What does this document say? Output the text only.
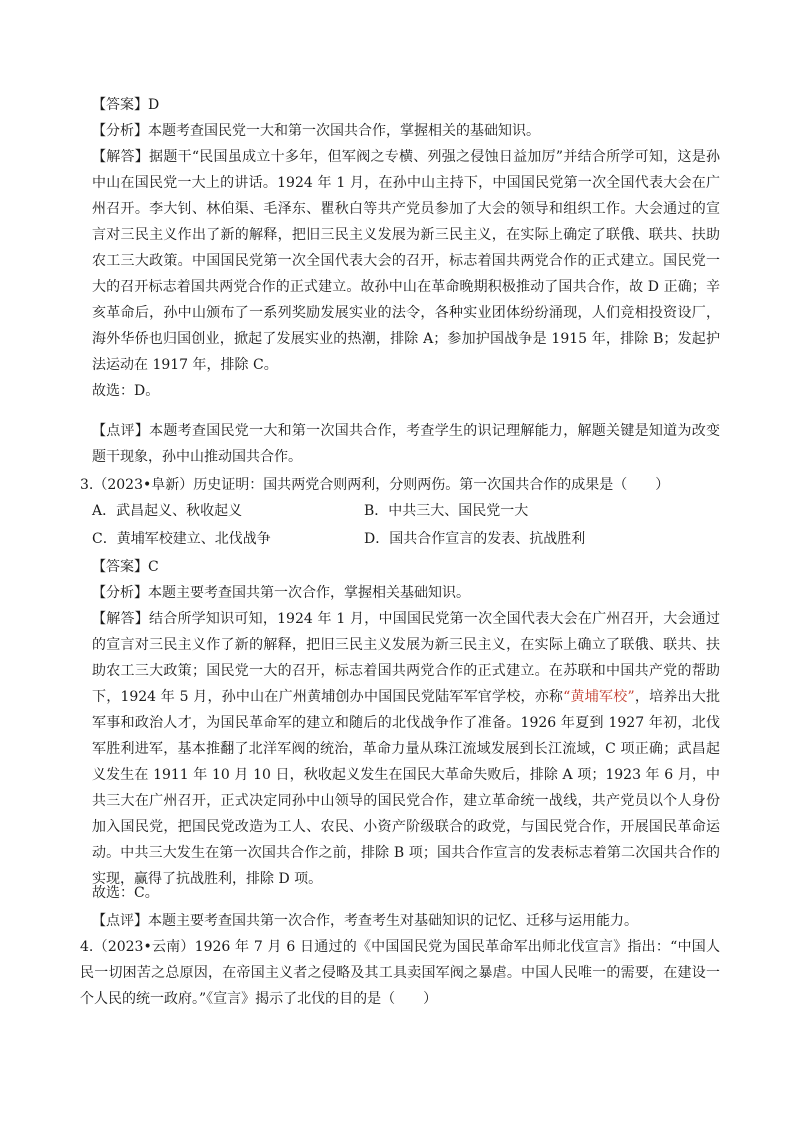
【答案】D
【分析】本题考查国民党一大和第一次国共合作，掌握相关的基础知识。
【解答】据题干“民国虽成立十多年，但军阀之专横、列强之侵蚀日益加厉”并结合所学可知，这是孙中山在国民党一大上的讲话。1924 年 1 月，在孙中山主持下，中国国民党第一次全国代表大会在广州召开。李大钊、林伯渠、毛泽东、瞿秋白等共产党员参加了大会的领导和组织工作。大会通过的宣言对三民主义作出了新的解释，把旧三民主义发展为新三民主义，在实际上确定了联俄、联共、扶助农工三大政策。中国国民党第一次全国代表大会的召开，标志着国共两党合作的正式建立。国民党一大的召开标志着国共两党合作的正式建立。故孙中山在革命晚期积极推动了国共合作，故 D 正确；辛亥革命后，孙中山颁布了一系列奖励发展实业的法令，各种实业团体纷纷涌现，人们竞相投资设厂，海外华侨也归国创业，掀起了发展实业的热潮，排除 A；参加护国战争是 1915 年，排除 B；发起护法运动在 1917 年，排除 C。
故选：D。
【点评】本题考查国民党一大和第一次国共合作，考查学生的识记理解能力，解题关键是知道为改变题干现象，孙中山推动国共合作。
3.（2023•阜新）历史证明：国共两党合则两利，分则两伤。第一次国共合作的成果是（　　）
A．武昌起义、秋收起义	B．中共三大、国民党一大
C．黄埔军校建立、北伐战争	D．国共合作宣言的发表、抗战胜利
【答案】C
【分析】本题主要考查国共第一次合作，掌握相关基础知识。
【解答】结合所学知识可知，1924 年 1 月，中国国民党第一次全国代表大会在广州召开，大会通过的宣言对三民主义作了新的解释，把旧三民主义发展为新三民主义，在实际上确立了联俄、联共、扶助农工三大政策；国民党一大的召开，标志着国共两党合作的正式建立。在苏联和中国共产党的帮助下，1924 年 5 月，孙中山在广州黄埔创办中国国民党陆军军官学校，亦称“黄埔军校”，培养出大批军事和政治人才，为国民革命军的建立和随后的北伐战争作了准备。1926 年夏到 1927 年初，北伐军胜利进军，基本推翻了北洋军阀的统治，革命力量从珠江流域发展到长江流域，C 项正确；武昌起义发生在 1911 年 10 月 10 日，秋收起义发生在国民大革命失败后，排除 A 项；1923 年 6 月，中共三大在广州召开，正式决定同孙中山领导的国民党合作，建立革命统一战线，共产党员以个人身份加入国民党，把国民党改造为工人、农民、小资产阶级联合的政党，与国民党合作，开展国民革命运动。中共三大发生在第一次国共合作之前，排除 B 项；国共合作宣言的发表标志着第二次国共合作的实现，赢得了抗战胜利，排除 D 项。
故选：C。
【点评】本题主要考查国共第一次合作，考查考生对基础知识的记忆、迁移与运用能力。
4.（2023•云南）1926 年 7 月 6 日通过的《中国国民党为国民革命军出师北伐宣言》指出：“中国人民一切困苦之总原因，在帝国主义者之侵略及其工具卖国军阀之暴虐。中国人民唯一的需要，在建设一个人民的统一政府。”《宣言》揭示了北伐的目的是（　　）
